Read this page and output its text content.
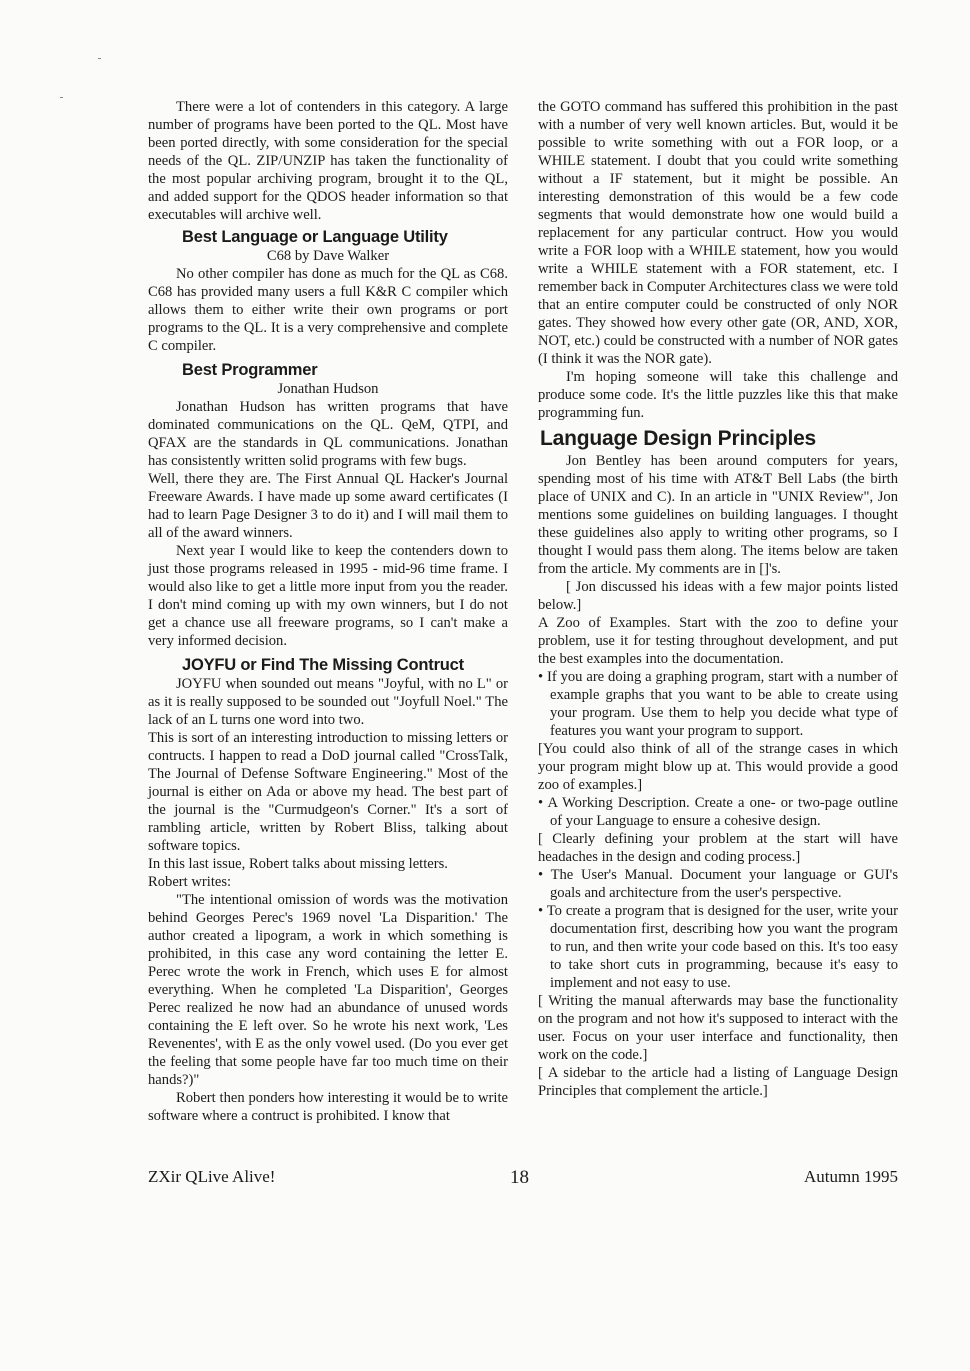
There were a lot of contenders in this category. A large number of programs have been ported to the QL. Most have been ported directly, with some consideration for the special needs of the QL. ZIP/UNZIP has taken the functionality of the most popular archiving program, brought it to the QL, and added support for the QDOS header information so that executables will archive well.

Best Language or Language Utility

C68 by Dave Walker

No other compiler has done as much for the QL as C68. C68 has provided many users a full K&R C compiler which allows them to either write their own programs or port programs to the QL. It is a very comprehensive and complete C compiler.

Best Programmer

Jonathan Hudson

Jonathan Hudson has written programs that have dominated communications on the QL. QeM, QTPI, and QFAX are the standards in QL communications. Jonathan has consistently written solid programs with few bugs.

Well, there they are. The First Annual QL Hacker's Journal Freeware Awards. I have made up some award certificates (I had to learn Page Designer 3 to do it) and I will mail them to all of the award winners.

Next year I would like to keep the contenders down to just those programs released in 1995 - mid-96 time frame. I would also like to get a little more input from you the reader. I don't mind coming up with my own winners, but I do not get a chance use all freeware programs, so I can't make a very informed decision.

JOYFU or Find The Missing Contruct

JOYFU when sounded out means "Joyful, with no L" or as it is really supposed to be sounded out "Joyfull Noel." The lack of an L turns one word into two.

This is sort of an interesting introduction to missing letters or contructs. I happen to read a DoD journal called "CrossTalk, The Journal of Defense Software Engineering." Most of the journal is either on Ada or above my head. The best part of the journal is the "Curmudgeon's Corner." It's a sort of rambling article, written by Robert Bliss, talking about software topics.

In this last issue, Robert talks about missing letters.

Robert writes:

"The intentional omission of words was the motivation behind Georges Perec's 1969 novel 'La Disparition.' The author created a lipogram, a work in which something is prohibited, in this case any word containing the letter E. Perec wrote the work in French, which uses E for almost everything. When he completed 'La Disparition', Georges Perec realized he now had an abundance of unused words containing the E left over. So he wrote his next work, 'Les Revenentes', with E as the only vowel used. (Do you ever get the feeling that some people have far too much time on their hands?)"

Robert then ponders how interesting it would be to write software where a contruct is prohibited. I know that

the GOTO command has suffered this prohibition in the past with a number of very well known articles. But, would it be possible to write something with out a FOR loop, or a WHILE statement. I doubt that you could write something without a IF statement, but it might be possible. An interesting demonstration of this would be a few code segments that would demonstrate how one would build a replacement for any particular contruct. How you would write a FOR loop with a WHILE statement, how you would write a WHILE statement with a FOR statement, etc. I remember back in Computer Architectures class we were told that an entire computer could be constructed of only NOR gates. They showed how every other gate (OR, AND, XOR, NOT, etc.) could be constructed with a number of NOR gates (I think it was the NOR gate).

I'm hoping someone will take this challenge and produce some code. It's the little puzzles like this that make programming fun.

Language Design Principles

Jon Bentley has been around computers for years, spending most of his time with AT&T Bell Labs (the birth place of UNIX and C). In an article in "UNIX Review", Jon mentions some guidelines on building languages. I thought these guidelines also apply to writing other programs, so I thought I would pass them along. The items below are taken from the article. My comments are in []'s.

[ Jon discussed his ideas with a few major points listed below.]

A Zoo of Examples. Start with the zoo to define your problem, use it for testing throughout development, and put the best examples into the documentation.

• If you are doing a graphing program, start with a number of example graphs that you want to be able to create using your program. Use them to help you decide what type of features you want your program to support.

[You could also think of all of the strange cases in which your program might blow up at. This would provide a good zoo of examples.]

• A Working Description. Create a one- or two-page outline of your Language to ensure a cohesive design.

[ Clearly defining your problem at the start will have headaches in the design and coding process.]

• The User's Manual. Document your language or GUI's goals and architecture from the user's perspective.

• To create a program that is designed for the user, write your documentation first, describing how you want the program to run, and then write your code based on this. It's too easy to take short cuts in programming, because it's easy to implement and not easy to use.

[ Writing the manual afterwards may base the functionality on the program and not how it's supposed to interact with the user. Focus on your user interface and functionality, then work on the code.]

[ A sidebar to the article had a listing of Language Design Principles that complement the article.]

ZXir QLive Alive!	18	Autumn 1995
